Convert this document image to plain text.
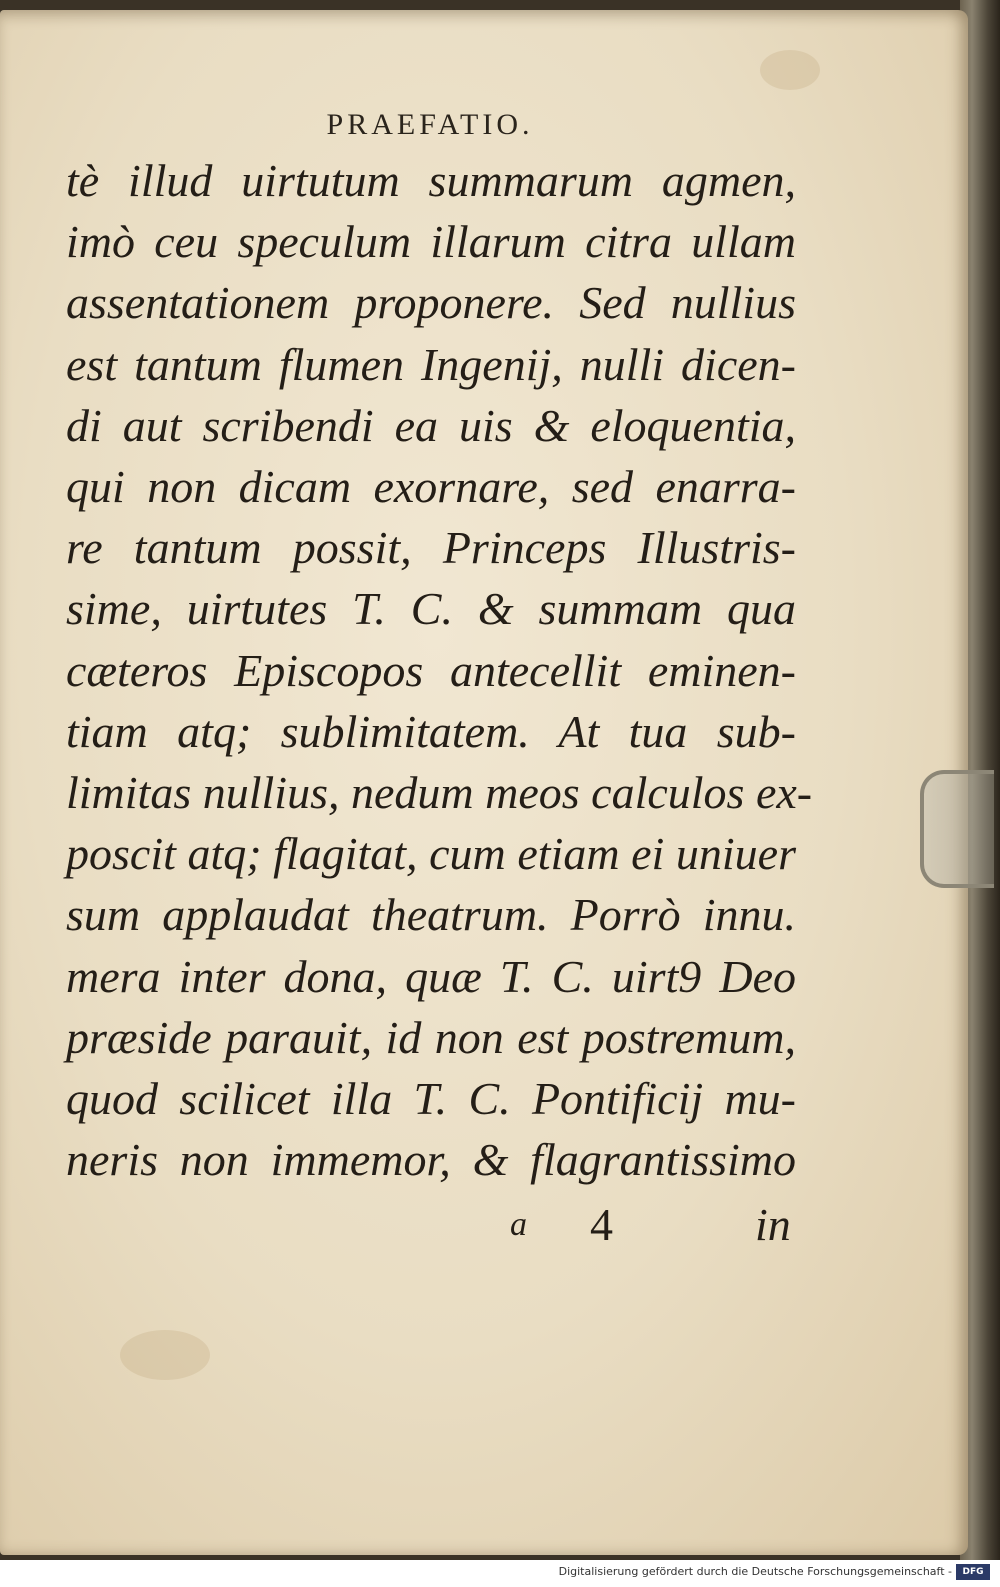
PRAEFATIO.
tè illud uirtutum summarum agmen,
imò ceu speculum illarum citra ullam
assentationem proponere. Sed nullius
est tantum flumen Ingenij, nulli dicen-
di aut scribendi ea uis & eloquentia,
qui non dicam exornare, sed enarra-
re tantum possit, Princeps Illustris-
sime, uirtutes T. C. & summam qua
cæteros Episcopos antecellit eminen-
tiam atq; sublimitatem. At tua sub-
limitas nullius, nedum meos calculos ex-
poscit atq; flagitat, cum etiam ei uniuer
sum applaudat theatrum. Porrò innu.
mera inter dona, quæ T. C. uirt9 Deo
præside parauit, id non est postremum,
quod scilicet illa T. C. Pontificij mu-
neris non immemor, & flagrantissimo
a 4	in
Digitalisierung gefördert durch die Deutsche Forschungsgemeinschaft -	DFG
